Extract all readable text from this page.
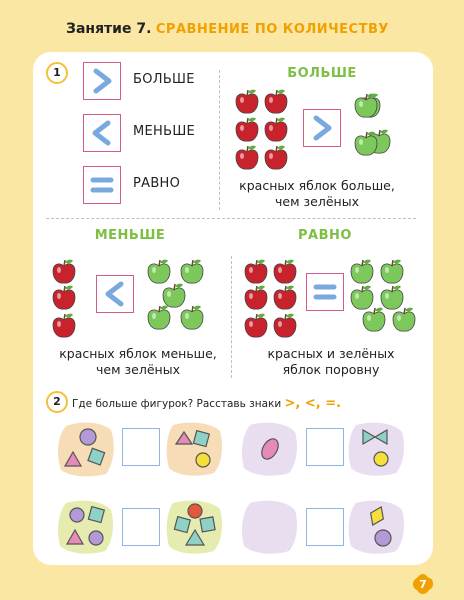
Занятие 7. СРАВНЕНИЕ ПО КОЛИЧЕСТВУ
1	БОЛЬШЕ
МЕНЬШЕ
РАВНО
БОЛЬШЕ
красных яблок больше,
чем зелёных
МЕНЬШЕ
красных яблок меньше,
чем зелёных
РАВНО
красных и зелёных
яблок поровну
2	Где больше фигурок? Расставь знаки >, <, =.
7
